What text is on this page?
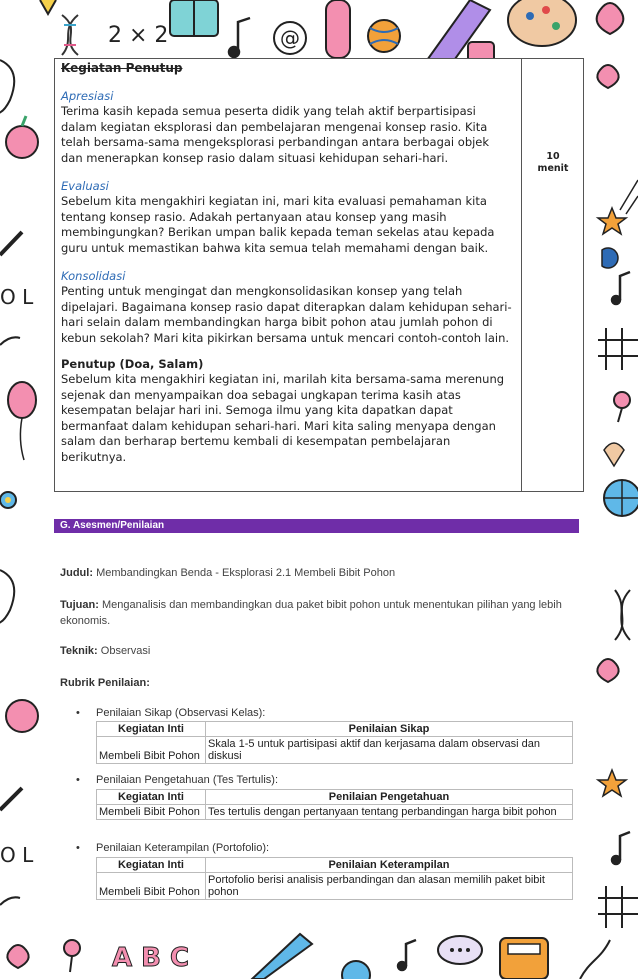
@
2 × 2
O L
O L
A B C

Kegiatan Penutup

Apresiasi

Terima kasih kepada semua peserta didik yang telah aktif berpartisipasi dalam kegiatan eksplorasi dan pembelajaran mengenai konsep rasio. Kita telah bersama-sama mengeksplorasi perbandingan antara berbagai objek dan menerapkan konsep rasio dalam situasi kehidupan sehari-hari.

Evaluasi

Sebelum kita mengakhiri kegiatan ini, mari kita evaluasi pemahaman kita tentang konsep rasio. Adakah pertanyaan atau konsep yang masih membingungkan? Berikan umpan balik kepada teman sekelas atau kepada guru untuk memastikan bahwa kita semua telah memahami dengan baik.

Konsolidasi

Penting untuk mengingat dan mengkonsolidasikan konsep yang telah dipelajari. Bagaimana konsep rasio dapat diterapkan dalam kehidupan sehari-hari selain dalam membandingkan harga bibit pohon atau jumlah pohon di kebun sekolah? Mari kita pikirkan bersama untuk mencari contoh-contoh lain.

Penutup (Doa, Salam)

Sebelum kita mengakhiri kegiatan ini, marilah kita bersama-sama merenung sejenak dan menyampaikan doa sebagai ungkapan terima kasih atas kesempatan belajar hari ini. Semoga ilmu yang kita dapatkan dapat bermanfaat dalam kehidupan sehari-hari. Mari kita saling menyapa dengan salam dan berharap bertemu kembali di kesempatan pembelajaran berikutnya.

10
menit
G. Asesmen/Penilaian
Judul: Membandingkan Benda - Eksplorasi 2.1 Membeli Bibit Pohon
Tujuan: Menganalisis dan membandingkan dua paket bibit pohon untuk menentukan pilihan yang lebih ekonomis.
Teknik: Observasi
Rubrik Penilaian:
• Penilaian Sikap (Observasi Kelas):
Kegiatan Inti	Penilaian Sikap
Membeli Bibit Pohon	Skala 1-5 untuk partisipasi aktif dan kerjasama dalam observasi dan diskusi
• Penilaian Pengetahuan (Tes Tertulis):
Kegiatan Inti	Penilaian Pengetahuan
Membeli Bibit Pohon	Tes tertulis dengan pertanyaan tentang perbandingan harga bibit pohon
• Penilaian Keterampilan (Portofolio):
Kegiatan Inti	Penilaian Keterampilan
Membeli Bibit Pohon	Portofolio berisi analisis perbandingan dan alasan memilih paket bibit pohon
